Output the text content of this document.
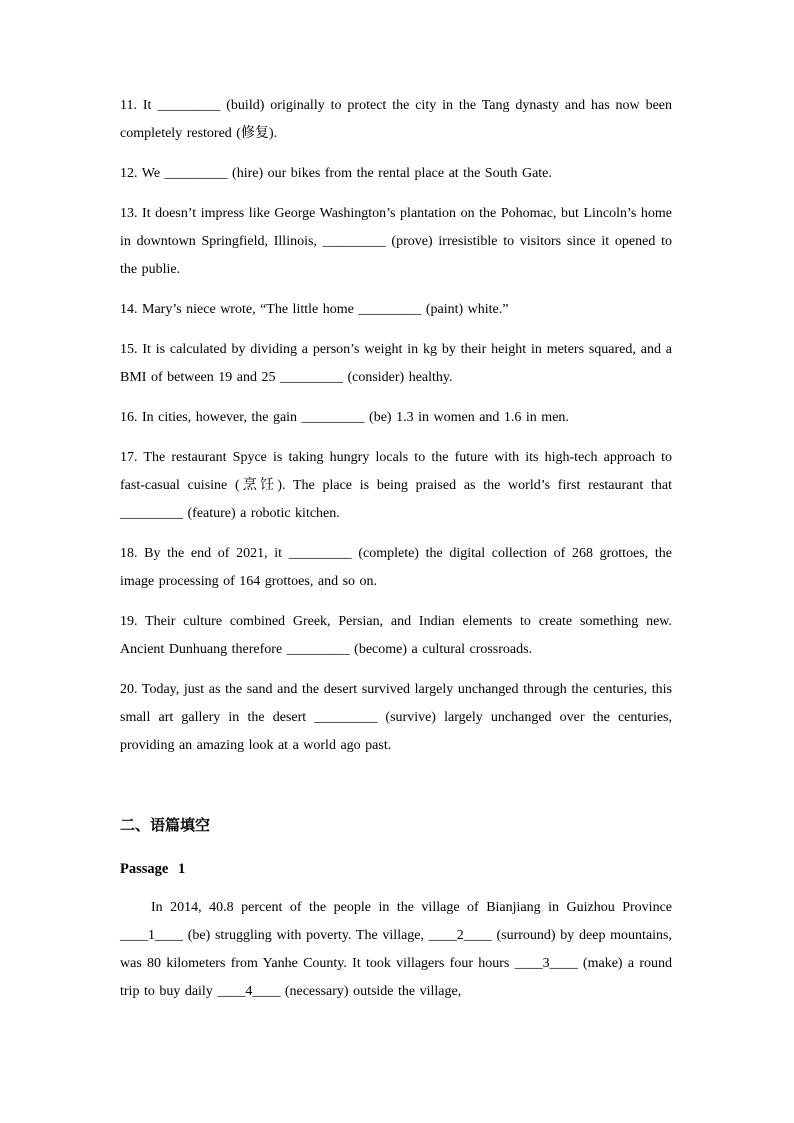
11. It _________ (build) originally to protect the city in the Tang dynasty and has now been completely restored (修复).

12. We _________ (hire) our bikes from the rental place at the South Gate.

13. It doesn’t impress like George Washington’s plantation on the Pohomac, but Lincoln’s home in downtown Springfield, Illinois, _________ (prove) irresistible to visitors since it opened to the publie.

14. Mary’s niece wrote, “The little home _________ (paint) white.”

15. It is calculated by dividing a person’s weight in kg by their height in meters squared, and a BMI of between 19 and 25 _________ (consider) healthy.

16. In cities, however, the gain _________ (be) 1.3 in women and 1.6 in men.

17. The restaurant Spyce is taking hungry locals to the future with its high-tech approach to fast-casual cuisine (烹饪). The place is being praised as the world’s first restaurant that _________ (feature) a robotic kitchen.

18. By the end of 2021, it _________ (complete) the digital collection of 268 grottoes, the image processing of 164 grottoes, and so on.

19. Their culture combined Greek, Persian, and Indian elements to create something new. Ancient Dunhuang therefore _________ (become) a cultural crossroads.

20. Today, just as the sand and the desert survived largely unchanged through the centuries, this small art gallery in the desert _________ (survive) largely unchanged over the centuries, providing an amazing look at a world ago past.

二、语篇填空
Passage 1

In 2014, 40.8 percent of the people in the village of Bianjiang in Guizhou Province ____1____ (be) struggling with poverty. The village, ____2____ (surround) by deep mountains, was 80 kilometers from Yanhe County. It took villagers four hours ____3____ (make) a round trip to buy daily ____4____ (necessary) outside the village,
